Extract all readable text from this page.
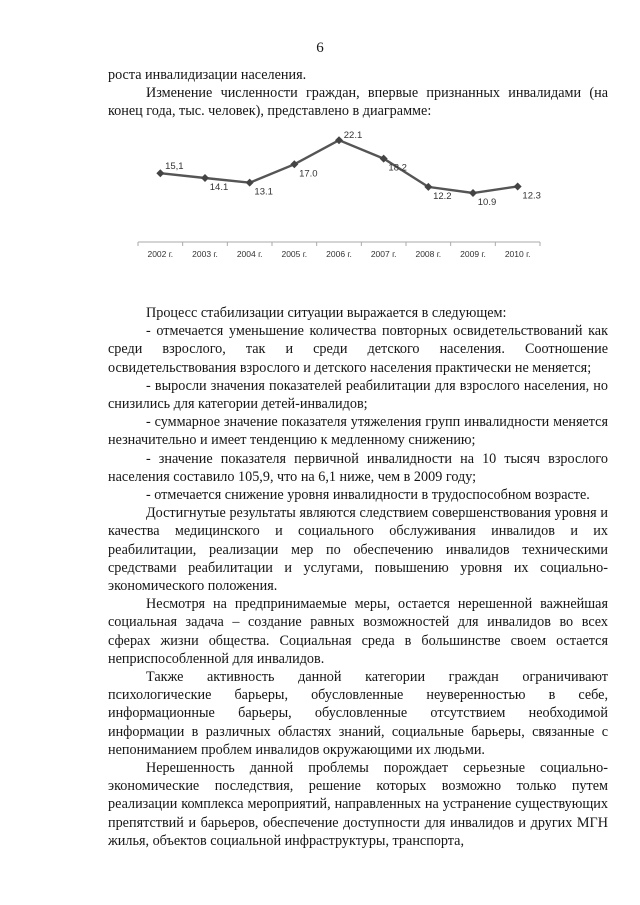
6

роста инвалидизации населения.

Изменение численности граждан, впервые признанных инвалидами (на конец года, тыс. человек), представлено в диаграмме:

15,1
2002 г.
14.1
2003 г.
13.1
2004 г.
17.0
2005 г.
22.1
2006 г.
18.2
2007 г.
12.2
2008 г.
10.9
2009 г.
12.3
2010 г.

Процесс стабилизации ситуации выражается в следующем:

- отмечается уменьшение количества повторных освидетельствований как среди взрослого, так и среди детского населения. Соотношение освидетельствования взрослого и детского населения практически не меняется;

- выросли значения показателей реабилитации для взрослого населения, но снизились для категории детей-инвалидов;

- суммарное значение показателя утяжеления групп инвалидности меняется незначительно и имеет тенденцию к медленному снижению;

- значение показателя первичной инвалидности на 10 тысяч взрослого населения составило 105,9, что на 6,1 ниже, чем в 2009 году;

- отмечается снижение уровня инвалидности в трудоспособном возрасте.

Достигнутые результаты являются следствием совершенствования уровня и качества медицинского и социального обслуживания инвалидов и их реабилитации, реализации мер по обеспечению инвалидов техническими средствами реабилитации и услугами, повышению уровня их социально-экономического положения.

Несмотря на предпринимаемые меры, остается нерешенной важнейшая социальная задача – создание равных возможностей для инвалидов во всех сферах жизни общества. Социальная среда в большинстве своем остается неприспособленной для инвалидов.

Также активность данной категории граждан ограничивают психологические барьеры, обусловленные неуверенностью в себе, информационные барьеры, обусловленные отсутствием необходимой информации в различных областях знаний, социальные барьеры, связанные с непониманием проблем инвалидов окружающими их людьми.

Нерешенность данной проблемы порождает серьезные социально-экономические последствия, решение которых возможно только путем реализации комплекса мероприятий, направленных на устранение существующих препятствий и барьеров, обеспечение доступности для инвалидов и других МГН жилья, объектов социальной инфраструктуры, транспорта,
